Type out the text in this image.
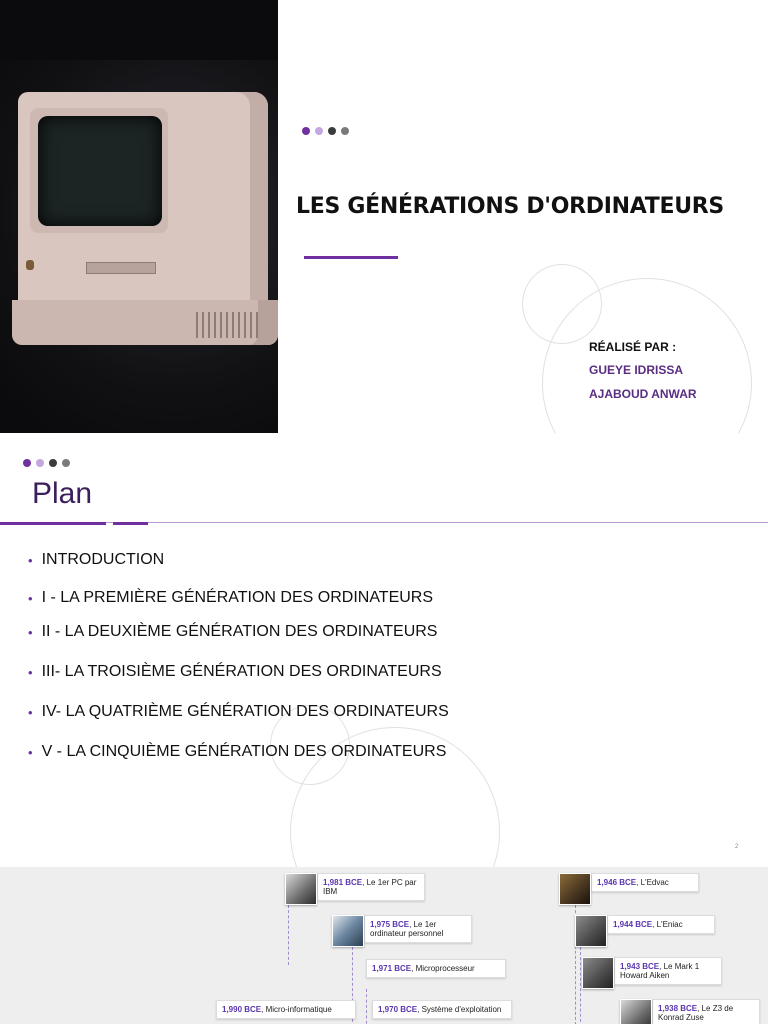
LES GÉNÉRATIONS D'ORDINATEURS
RÉALISÉ PAR :
GUEYE IDRISSA
AJABOUD ANWAR
Plan
• INTRODUCTION
• I - LA PREMIÈRE GÉNÉRATION DES ORDINATEURS
• II - LA DEUXIÈME GÉNÉRATION DES ORDINATEURS
• III- LA TROISIÈME GÉNÉRATION DES ORDINATEURS
• IV- LA QUATRIÈME GÉNÉRATION DES ORDINATEURS
• V - LA CINQUIÈME GÉNÉRATION DES ORDINATEURS
2
1,981 BCE, Le 1er PC par IBM
1,975 BCE, Le 1er ordinateur personnel
1,971 BCE, Microprocesseur
1,990 BCE, Micro-informatique	1,970 BCE, Système d'exploitation
1,946 BCE, L'Edvac
1,944 BCE, L'Eniac
1,943 BCE, Le Mark 1 Howard Aiken
1,938 BCE, Le Z3 de Konrad Zuse
